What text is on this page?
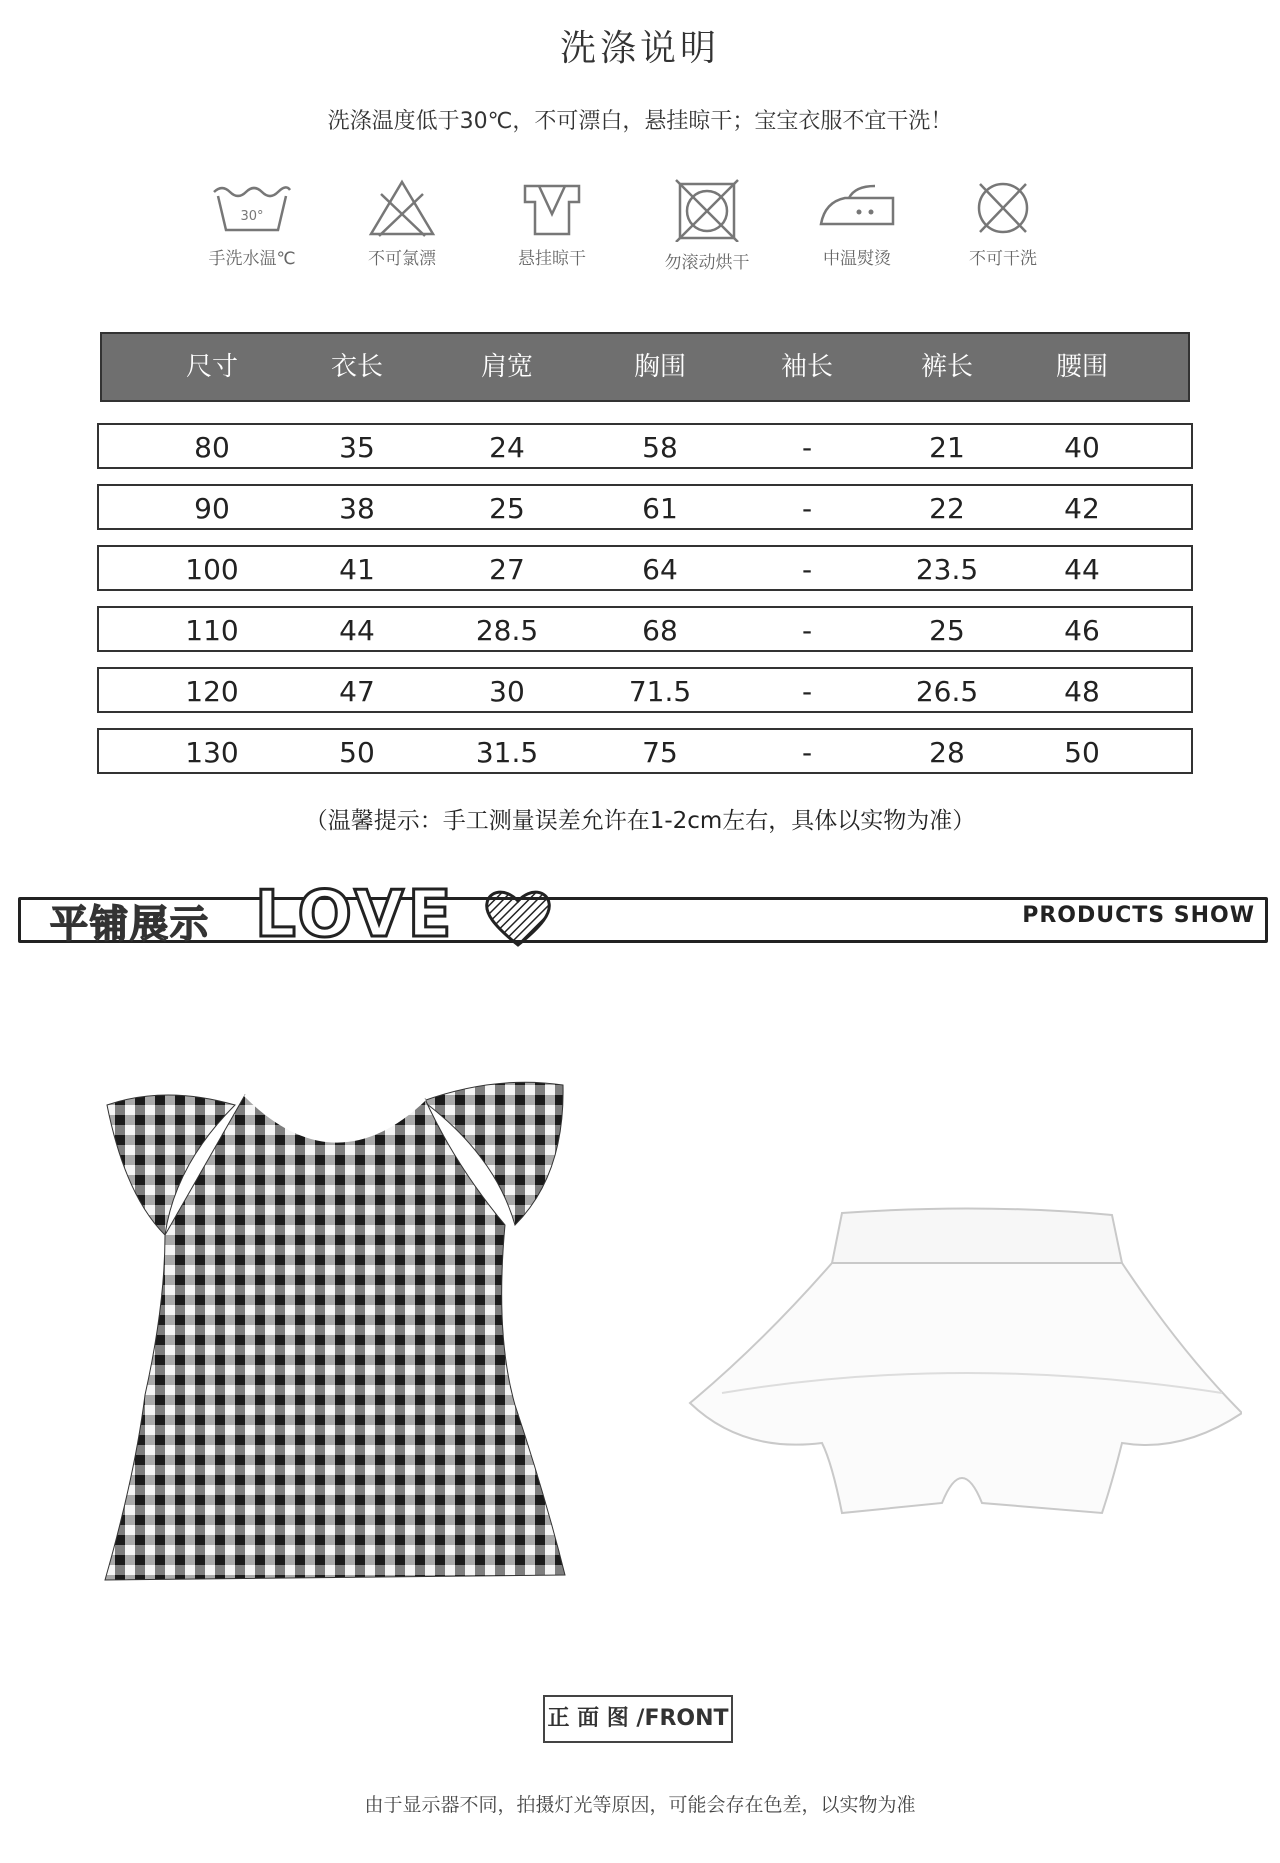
洗涤说明
洗涤温度低于30℃，不可漂白，悬挂晾干；宝宝衣服不宜干洗！
30°
手洗水温℃	不可氯漂	悬挂晾干	勿滚动烘干	中温熨烫	不可干洗
尺寸	衣长	肩宽	胸围	袖长	裤长	腰围
80	35	24	58	-	21	40
90	38	25	61	-	22	42
100	41	27	64	-	23.5	44
110	44	28.5	68	-	25	46
120	47	30	71.5	-	26.5	48
130	50	31.5	75	-	28	50
（温馨提示：手工测量误差允许在1-2cm左右，具体以实物为准）
平铺展示 LOVE	PRODUCTS SHOW
正 面 图 /FRONT
由于显示器不同，拍摄灯光等原因，可能会存在色差，以实物为准
